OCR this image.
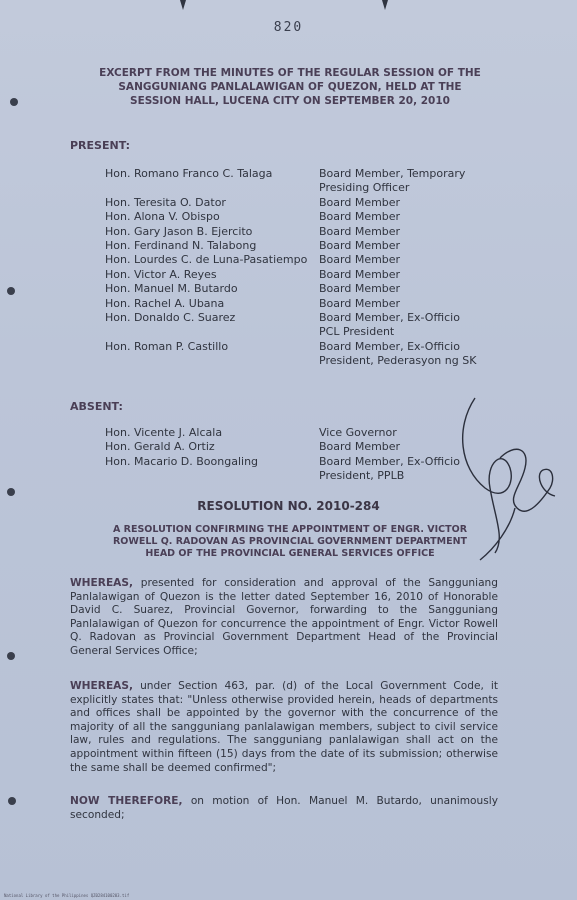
820
EXCERPT FROM THE MINUTES OF THE REGULAR SESSION OF THE
SANGGUNIANG PANLALAWIGAN OF QUEZON, HELD AT THE
SESSION HALL, LUCENA CITY ON SEPTEMBER 20, 2010
PRESENT:
Hon. Romano Franco C. Talaga	Board Member, Temporary
Presiding Officer
Hon. Teresita O. Dator	Board Member
Hon. Alona V. Obispo	Board Member
Hon. Gary Jason B. Ejercito	Board Member
Hon. Ferdinand N. Talabong	Board Member
Hon. Lourdes C. de Luna-Pasatiempo Board Member
Hon. Victor A. Reyes	Board Member
Hon. Manuel M. Butardo	Board Member
Hon. Rachel A. Ubana	Board Member
Hon. Donaldo C. Suarez	Board Member, Ex-Officio
PCL President
Hon. Roman P. Castillo	Board Member, Ex-Officio
President, Pederasyon ng SK
ABSENT:
Hon. Vicente J. Alcala	Vice Governor
Hon. Gerald A. Ortiz	Board Member
Hon. Macario D. Boongaling	Board Member, Ex-Officio
President, PPLB
RESOLUTION NO. 2010-284
A RESOLUTION CONFIRMING THE APPOINTMENT OF ENGR. VICTOR
ROWELL Q. RADOVAN AS PROVINCIAL GOVERNMENT DEPARTMENT
HEAD OF THE PROVINCIAL GENERAL SERVICES OFFICE
WHEREAS, presented for consideration and approval of the Sangguniang Panlalawigan of Quezon is the letter dated September 16, 2010 of Honorable David C. Suarez, Provincial Governor, forwarding to the Sangguniang Panlalawigan of Quezon for concurrence the appointment of Engr. Victor Rowell Q. Radovan as Provincial Government Department Head of the Provincial General Services Office;
WHEREAS, under Section 463, par. (d) of the Local Government Code, it explicitly states that: "Unless otherwise provided herein, heads of departments and offices shall be appointed by the governor with the concurrence of the majority of all the sangguniang panlalawigan members, subject to civil service law, rules and regulations. The sangguniang panlalawigan shall act on the appointment within fifteen (15) days from the date of its submission; otherwise the same shall be deemed confirmed";
NOW THEREFORE, on motion of Hon. Manuel M. Butardo, unanimously seconded;
National Library of the Philippines QZ0284100203.tif
